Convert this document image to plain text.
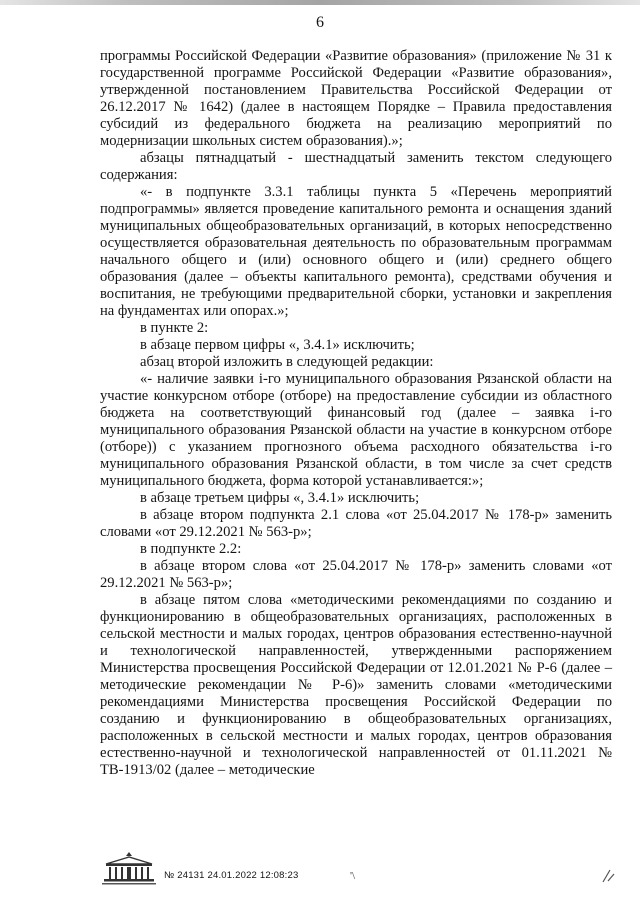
6

программы Российской Федерации «Развитие образования» (приложение № 31 к государственной программе Российской Федерации «Развитие образования», утвержденной постановлением Правительства Российской Федерации от 26.12.2017 № 1642) (далее в настоящем Порядке – Правила предоставления субсидий из федерального бюджета на реализацию мероприятий по модернизации школьных систем образования).»;

абзацы пятнадцатый - шестнадцатый заменить текстом следующего содержания:

«- в подпункте 3.3.1 таблицы пункта 5 «Перечень мероприятий подпрограммы» является проведение капитального ремонта и оснащения зданий муниципальных общеобразовательных организаций, в которых непосредственно осуществляется образовательная деятельность по образовательным программам начального общего и (или) основного общего и (или) среднего общего образования (далее – объекты капитального ремонта), средствами обучения и воспитания, не требующими предварительной сборки, установки и закрепления на фундаментах или опорах.»;

в пункте 2:

в абзаце первом цифры «, 3.4.1» исключить;

абзац второй изложить в следующей редакции:

«- наличие заявки i-го муниципального образования Рязанской области на участие конкурсном отборе (отборе) на предоставление субсидии из областного бюджета на соответствующий финансовый год (далее – заявка i-го муниципального образования Рязанской области на участие в конкурсном отборе (отборе)) с указанием прогнозного объема расходного обязательства i-го муниципального образования Рязанской области, в том числе за счет средств муниципального бюджета, форма которой устанавливается:»;

в абзаце третьем цифры «, 3.4.1» исключить;

в абзаце втором подпункта 2.1 слова «от 25.04.2017 № 178-р» заменить словами «от 29.12.2021 № 563-р»;

в подпункте 2.2:

в абзаце втором слова «от 25.04.2017 № 178-р» заменить словами «от 29.12.2021 № 563-р»;

в абзаце пятом слова «методическими рекомендациями по созданию и функционированию в общеобразовательных организациях, расположенных в сельской местности и малых городах, центров образования естественно-научной и технологической направленностей, утвержденными распоряжением Министерства просвещения Российской Федерации от 12.01.2021 № Р-6 (далее – методические рекомендации № Р-6)» заменить словами «методическими рекомендациями Министерства просвещения Российской Федерации по созданию и функционированию в общеобразовательных организациях, расположенных в сельской местности и малых городах, центров образования естественно-научной и технологической направленностей от 01.11.2021 № ТВ-1913/02 (далее – методические

№ 24131 24.01.2022 12:08:23	'\
